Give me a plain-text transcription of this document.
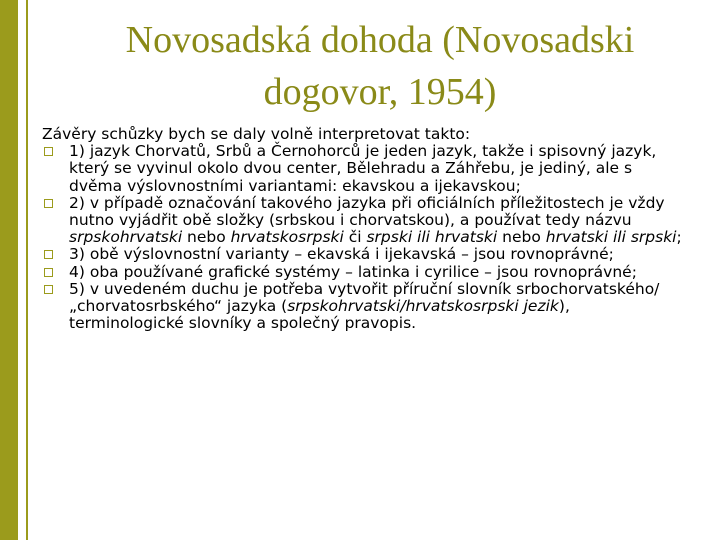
Novosadská dohoda (Novosadski dogovor, 1954)

Závěry schůzky bych se daly volně interpretovat takto:

1) jazyk Chorvatů, Srbů a Černohorců je jeden jazyk, takže i spisovný jazyk, který se vyvinul okolo dvou center, Bělehradu a Záhřebu, je jediný, ale s dvěma výslovnostními variantami: ekavskou a ijekavskou;
2) v případě označování takového jazyka při oficiálních příležitostech je vždy nutno vyjádřit obě složky (srbskou i chorvatskou), a používat tedy názvu srpskohrvatski nebo hrvatskosrpski či srpski ili hrvatski nebo hrvatski ili srpski;
3) obě výslovnostní varianty – ekavská i ijekavská – jsou rovnoprávné;
4) oba používané grafické systémy – latinka i cyrilice – jsou rovnoprávné;
5) v uvedeném duchu je potřeba vytvořit příruční slovník srbochorvatského/„chorvatosrbského“ jazyka (srpskohrvatski/hrvatskosrpski jezik), terminologické slovníky a společný pravopis.
